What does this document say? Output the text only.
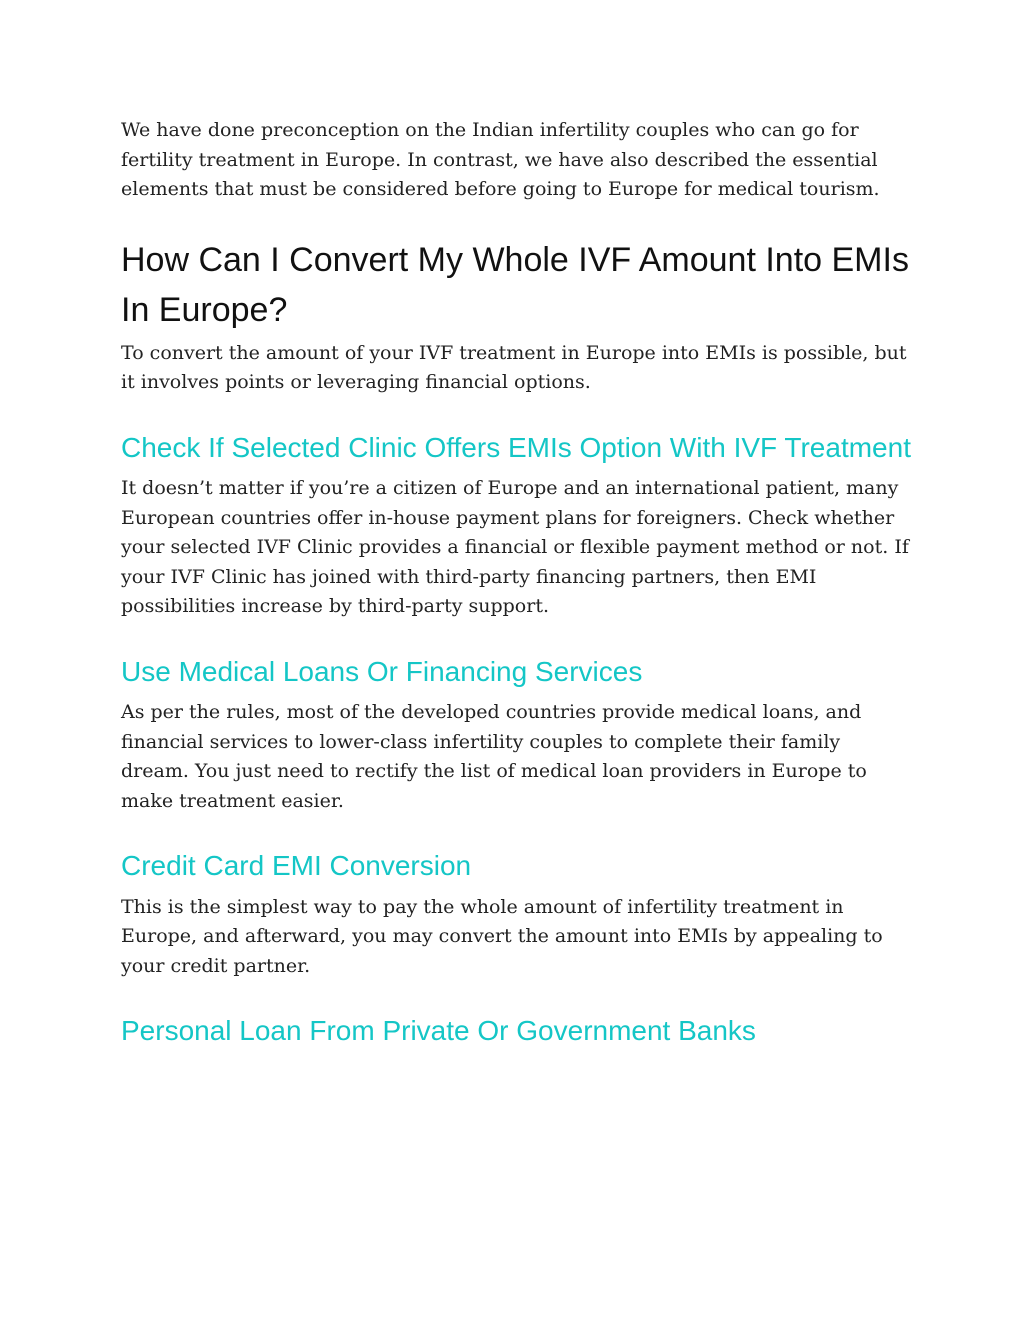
We have done preconception on the Indian infertility couples who can go for fertility treatment in Europe. In contrast, we have also described the essential elements that must be considered before going to Europe for medical tourism.

How Can I Convert My Whole IVF Amount Into EMIs In Europe?

To convert the amount of your IVF treatment in Europe into EMIs is possible, but it involves points or leveraging financial options.

Check If Selected Clinic Offers EMIs Option With IVF Treatment

It doesn’t matter if you’re a citizen of Europe and an international patient, many European countries offer in-house payment plans for foreigners. Check whether your selected IVF Clinic provides a financial or flexible payment method or not. If your IVF Clinic has joined with third-party financing partners, then EMI possibilities increase by third-party support.

Use Medical Loans Or Financing Services

As per the rules, most of the developed countries provide medical loans, and financial services to lower-class infertility couples to complete their family dream. You just need to rectify the list of medical loan providers in Europe to make treatment easier.

Credit Card EMI Conversion

This is the simplest way to pay the whole amount of infertility treatment in Europe, and afterward, you may convert the amount into EMIs by appealing to your credit partner.

Personal Loan From Private Or Government Banks
